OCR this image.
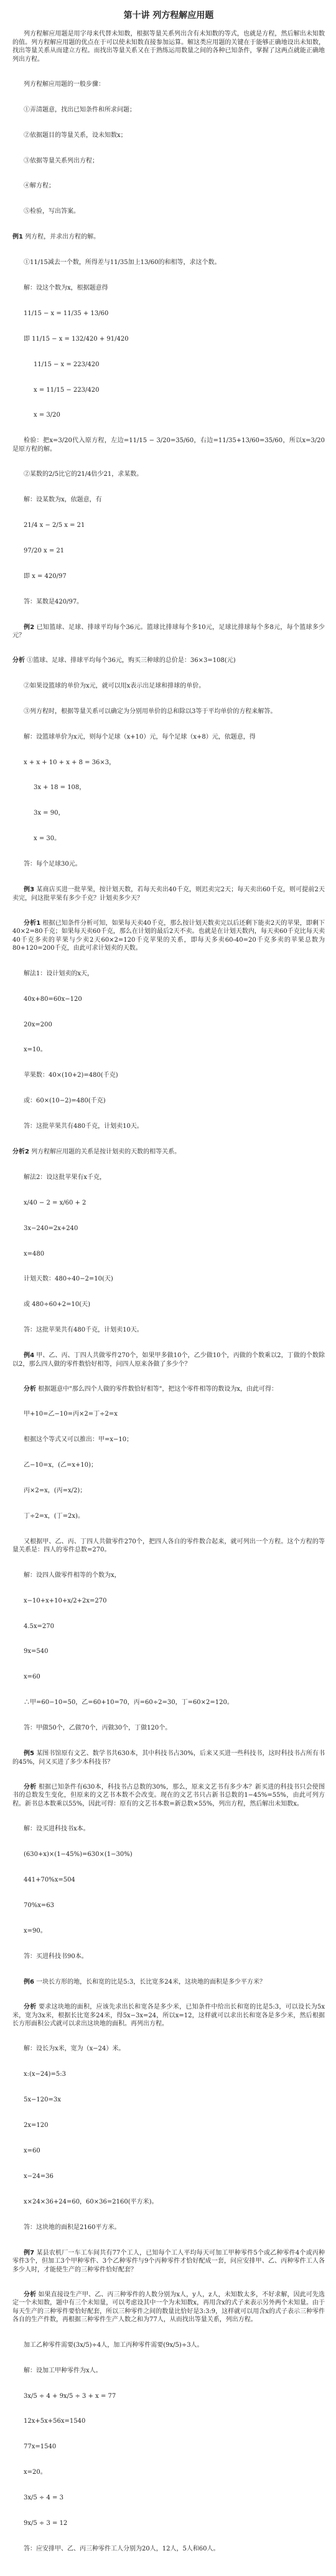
第十讲 列方程解应用题
列方程解应用题是用字母来代替未知数，根据等量关系列出含有未知数的等式，也就是方程，然后解出未知数的值。列方程解应用题的优点在于可以使未知数直接参加运算。解这类应用题的关键在于能够正确地设出未知数，找出等量关系从而建立方程。而找出等量关系又在于熟练运用数量之间的各种已知条件，掌握了这两点就能正确地列出方程。
列方程解应用题的一般步骤：
①弄清题意，找出已知条件和所求问题；
②依据题目的等量关系，设未知数x；
③依据等量关系列出方程；
④解方程；
⑤检验，写出答案。
例1 列方程，并求出方程的解。
①11/15减去一个数，所得差与11/35加上13/60的和相等，求这个数。
解：设这个数为x，根据题意得
11/15 − x = 11/35 + 13/60
即 11/15 − x = 132/420 + 91/420
11/15 − x = 223/420
x = 11/15 − 223/420
x = 3/20
检验：把x=3/20代入原方程，左边=11/15 − 3/20=35/60，右边=11/35+13/60=35/60，所以x=3/20是原方程的解。
②某数的2/5比它的21/4倍少21，求某数。
解：设某数为x，依题意，有
21/4 x − 2/5 x = 21
97/20 x = 21
即 x = 420/97
答：某数是420/97。
例2 已知篮球、足球、排球平均每个36元。篮球比排球每个多10元，足球比排球每个多8元，每个篮球多少元？
分析 ①篮球、足球、排球平均每个36元，购买三种球的总价是：36×3=108(元)
②如果设篮球的单价为x元，就可以用x表示出足球和排球的单价。
③列方程时，根据等量关系可以确定为分别用单价的总和除以3等于平均单价的方程来解答。
解：设篮球单价为x元，则每个足球（x+10）元，每个足球（x+8）元，依题意，得
x + x + 10 + x + 8 = 36×3，
3x + 18 = 108，
3x = 90，
x = 30。
答：每个足球30元。
例3 某商店买进一批苹果，按计划天数，若每天卖出40千克，则迟卖完2天；每天卖出60千克，则可提前2天卖完，问这批苹果有多少千克？计划卖多少天？
分析1 根据已知条件分析可知，如果每天卖40千克，那么按计划天数卖完以后还剩下能卖2天的苹果，即剩下40×2=80千克；如果每天卖60千克，那么在计划的最后2天不卖。也就是在计划天数内，每天卖60千克比每天卖40千克多卖的苹果与少卖2天60×2=120千克苹果的关系，即每天多卖60-40=20千克多卖的苹果总数为80+120=200千克，由此可求计划卖的天数。
解法1：设计划卖的x天，
40x+80=60x−120
20x=200
x=10。
苹果数：40×(10+2)=480(千克)
或：60×(10−2)=480(千克)
答：这批苹果共有480千克，计划卖10天。
分析2 列方程解应用题的关系是按计划卖的天数的相等关系。
解法2：设这批苹果有x千克，
x/40 − 2 = x/60 + 2
3x−240=2x+240
x=480
计划天数：480÷40−2=10(天)
或 480÷60+2=10(天)
答：这批苹果共有480千克，计划卖10天。
例4 甲、乙、丙、丁四人共做零件270个，如果甲多做10个，乙少做10个，丙做的个数乘以2，丁做的个数除以2，那么四人做的零件数恰好相等，问四人原来各做了多少个？
分析 根据题意中"那么四个人做的零件数恰好相等"，把这个零件相等的数设为x，由此可得：
甲+10=乙−10=丙×2=丁÷2=x
根据这个等式又可以推出：甲=x−10；
乙−10=x，(乙=x+10)；
丙×2=x，(丙=x/2)；
丁÷2=x，(丁=2x)。
又根据甲、乙、丙、丁四人共做零件270个，把四人各自的零件数合起来，就可列出一个方程。这个方程的等量关系是：四人的零件总数=270。
解：设四人做零件相等的个数为x，
x−10+x+10+x/2+2x=270
4.5x=270
9x=540
x=60
∴甲=60−10=50，乙=60+10=70，丙=60÷2=30，丁=60×2=120。
答：甲做50个，乙做70个，丙做30个，丁做120个。
例5 某图书馆原有文艺、数学书共630本，其中科技书占30%，后来又买进一些科技书，这时科技书占所有书的45%，问又买进了多少本科技书？
分析 根据已知条件有630本，科技书占总数的30%，那么，原来文艺书有多少本？新买进的科技书只会使图书的总数发生变化，但原来的文艺书本数不会改变。现在的文艺书只占新书总数的1−45%=55%，由此可列方程。新书总本数乘以55%，因此可得：原有的文艺书本数=新总数×55%，列出方程，然后解出未知数x。
解：设买进科技书x本。
(630+x)×(1−45%)=630×(1−30%)
441+70%x=504
70%x=63
x=90。
答：买进科技书90本。
例6 一块长方形的地，长和宽的比是5:3，长比宽多24米，这块地的面积是多少平方米？
分析 要求这块地的面积，应该先求出长和宽各是多少米，已知条件中给出长和宽的比是5:3，可以设长为5x米，宽为3x米，根据长比宽多24米，得5x−3x=24，所以x=12，这样就可以求出长和宽各是多少米，然后根据长方形面积公式就可以求出这块地的面积。再列出方程。
解：设长为x米，宽为（x−24）米。
x:(x−24)=5:3
5x−120=3x
2x=120
x=60
x−24=36
x×24×36+24=60，60×36=2160(平方米)。
答：这块地的面积是2160平方米。
例7 某县农机厂一车工车间共有77个工人，已知每个工人平均每天可加工甲种零件5个或乙种零件4个或丙种零件3个，但加工3个甲种零件、3个乙种零件与9个丙种零件才恰好配成一套，问应安排甲、乙、丙种零件工人各多少人时，才能使生产的三种零件恰好配套？
分析 如果直接设生产甲、乙、丙三种零件的人数分别为x人，y人，z人，未知数太多，不好求解，因此可先选定一个未知数，题中有三个未知量，可以考虑设其中一个为未知数x，再用含x的式子来表示另外两个未知量。由于每天生产的三种零件要恰好配套，所以三种零件之间的数量比恰好是3:3:9，这样就可以用含x的式子表示三种零件各自的生产件数，再根据三种零件生产人数之和为77人，从而找出等量关系，列出方程。
加工乙种零件需要(3x/5)÷4人，加工丙种零件需要(9x/5)÷3人。
解：设加工甲种零件为x人。
3x/5 ÷ 4 + 9x/5 ÷ 3 + x = 77
12x+5x+56x=1540
77x=1540
x=20。
3x/5 ÷ 4 = 3
9x/5 ÷ 3 = 12
答：应安排甲、乙、丙三种零件工人分别为20人，12人，5人和60人。
